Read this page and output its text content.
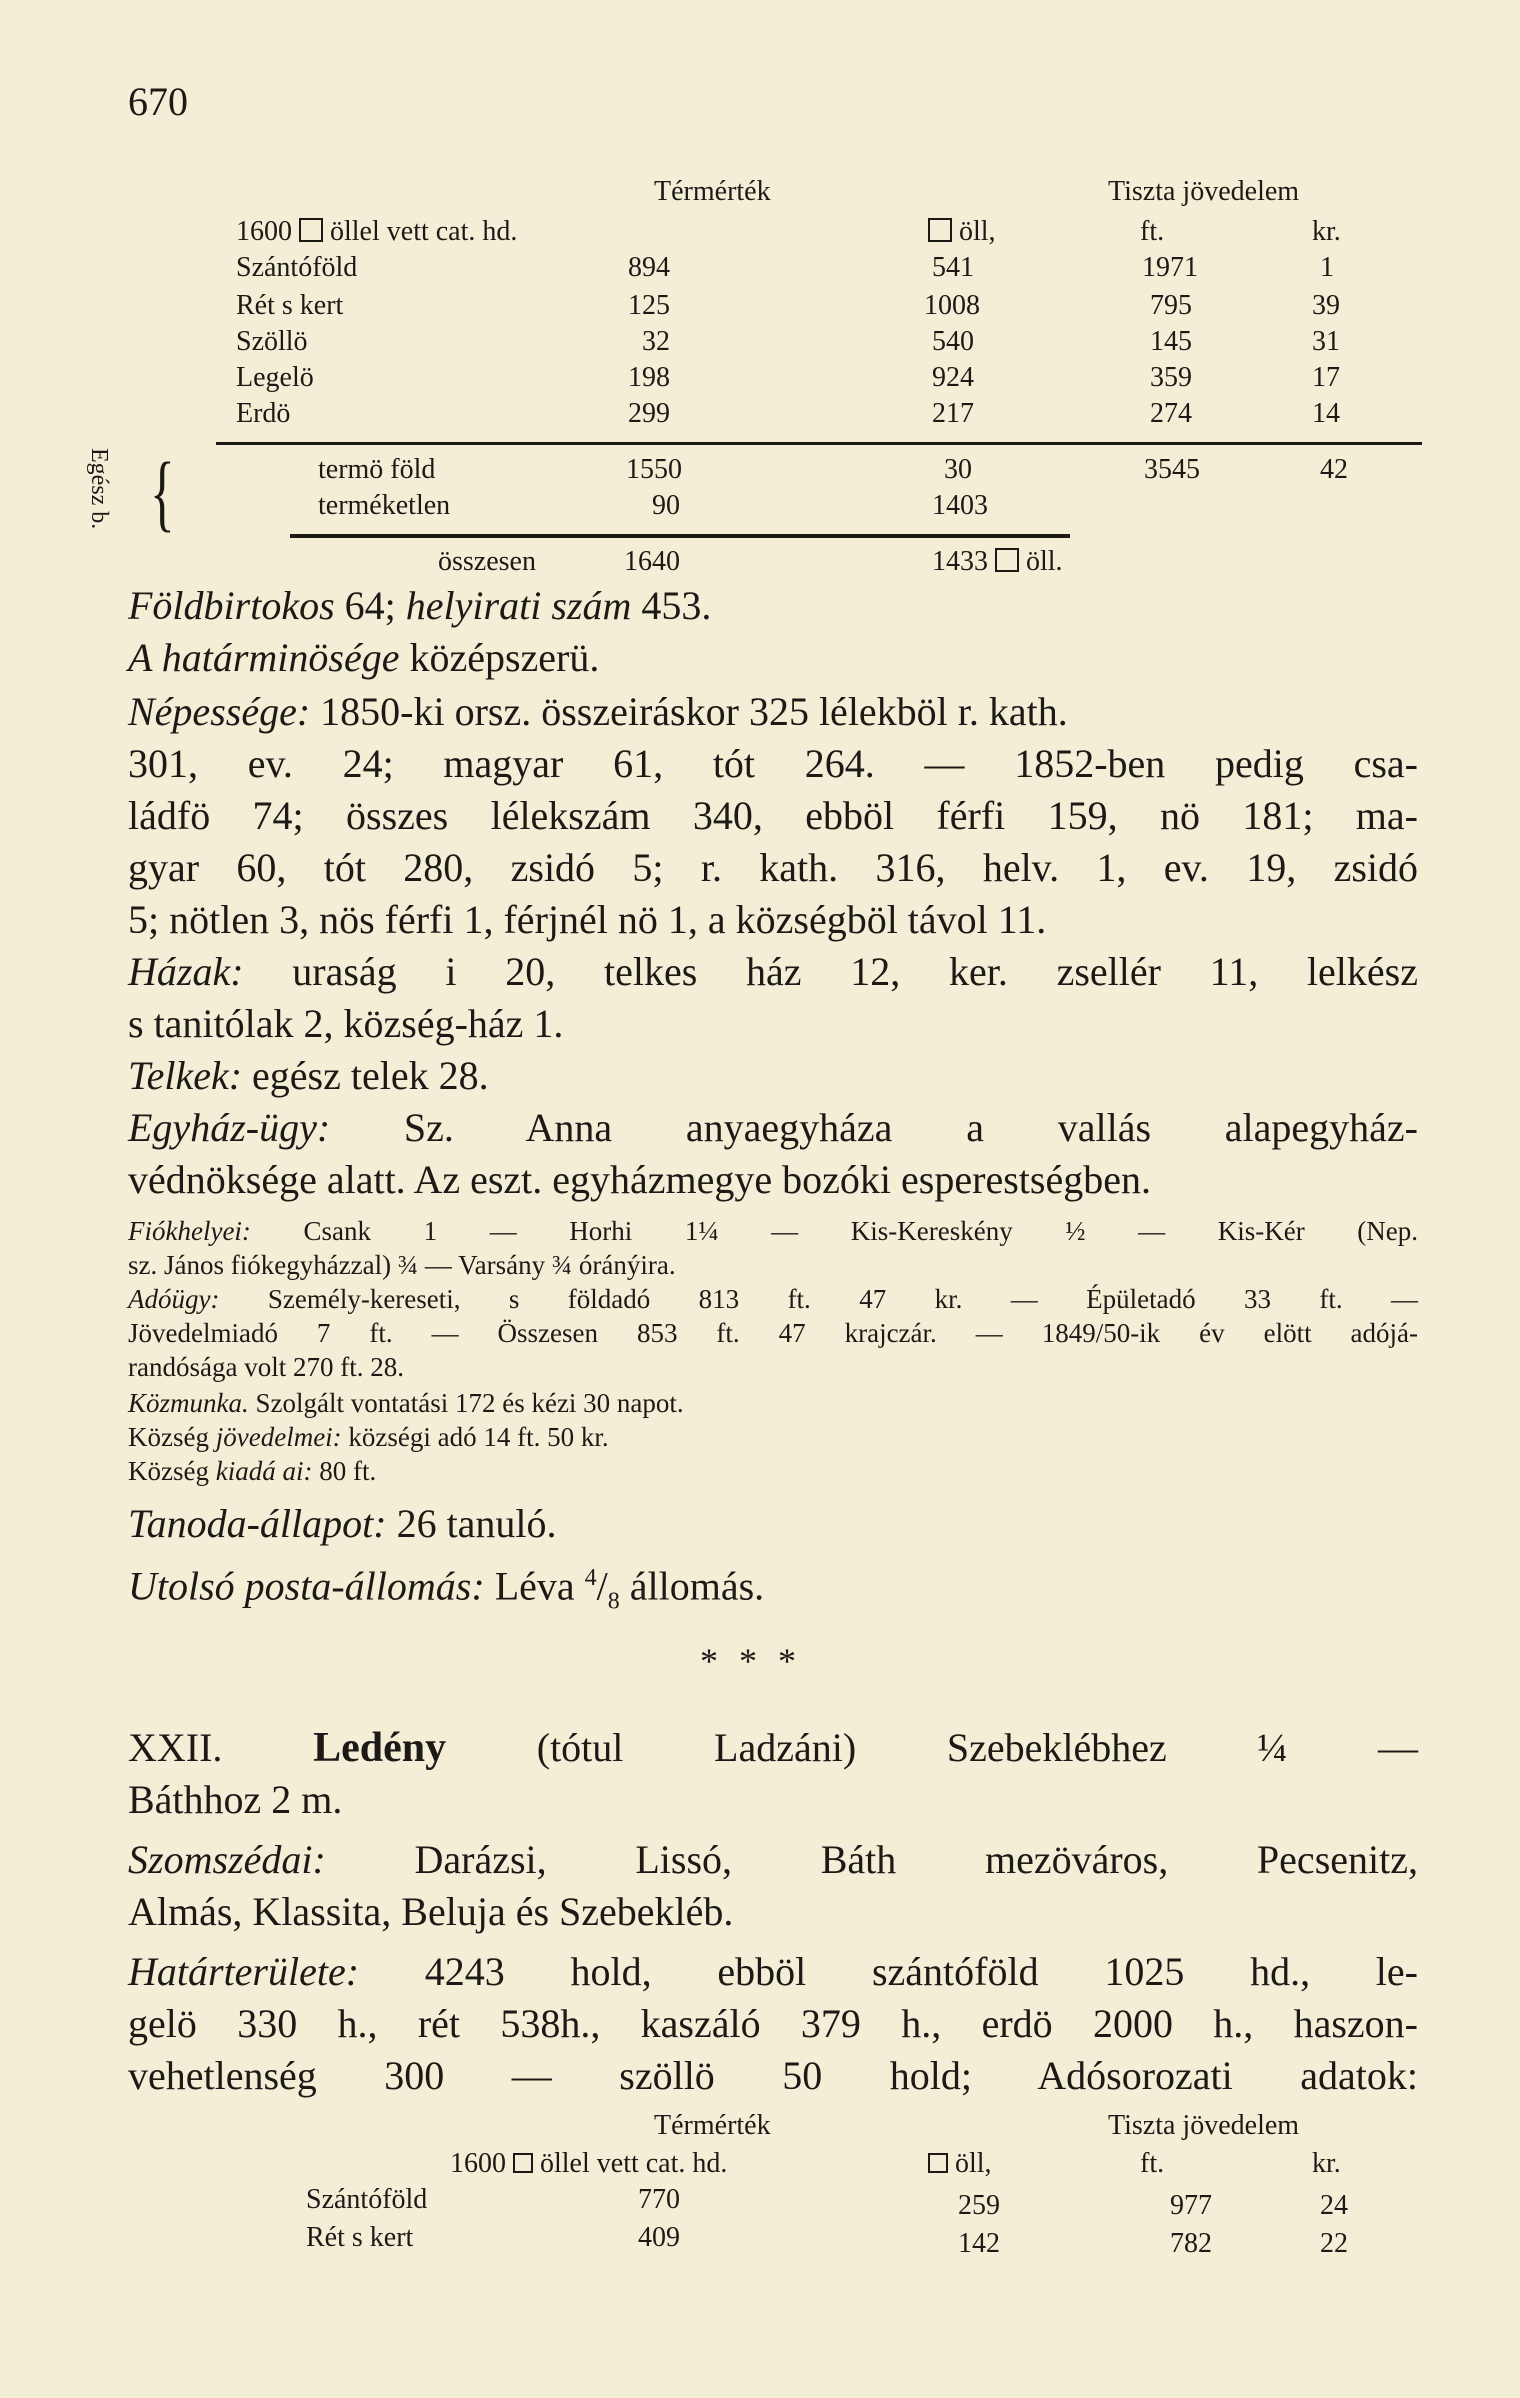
670
Térmérték	Tiszta jövedelem
1600 öllel vett cat. hd.	öll,	ft.	kr.
Szántóföld	894	541	1971	1
Rét s kert	125	1008	795	39
Szöllö	32	540	145	31
Legelö	198	924	359	17
Erdö	299	217	274	14
Egész b. {	termö föld	1550	30	3545	42
terméketlen	90	1403
összesen	1640	1433 öll.
Földbirtokos 64; helyirati szám 453.
A határminösége középszerü.
Népessége: 1850-ki orsz. összeiráskor 325 lélekböl r. kath.
301, ev. 24; magyar 61, tót 264. — 1852-ben pedig csa-
ládfö 74; összes lélekszám 340, ebböl férfi 159, nö 181; ma-
gyar 60, tót 280, zsidó 5; r. kath. 316, helv. 1, ev. 19, zsidó
5; nötlen 3, nös férfi 1, férjnél nö 1, a községböl távol 11.
Házak: uraság i 20, telkes ház 12, ker. zsellér 11, lelkész
s tanitólak 2, község-ház 1.
Telkek: egész telek 28.
Egyház-ügy: Sz. Anna anyaegyháza a vallás alapegyház-
védnöksége alatt. Az eszt. egyházmegye bozóki esperestségben.
Fiókhelyei: Csank 1 — Horhi 1¼ — Kis-Kereskény ½ — Kis-Kér (Nep.
sz. János fiókegyházzal) ¾ — Varsány ¾ óránýira.
Adóügy: Személy-kereseti, s földadó 813 ft. 47 kr. — Épületadó 33 ft. —
Jövedelmiadó 7 ft. — Összesen 853 ft. 47 krajczár. — 1849/50-ik év elött adójá-
randósága volt 270 ft. 28.
Közmunka. Szolgált vontatási 172 és kézi 30 napot.
Község jövedelmei: községi adó 14 ft. 50 kr.
Község kiadá ai: 80 ft.
Tanoda-állapot: 26 tanuló.
Utolsó posta-állomás: Léva $^4/_8$ állomás.
* * *
XXII. Ledény (tótul Ladzáni) Szebeklébhez ¼ —
Báthhoz 2 m.
Szomszédai: Darázsi, Lissó, Báth mezöváros, Pecsenitz,
Almás, Klassita, Beluja és Szebekléb.
Határterülete: 4243 hold, ebböl szántóföld 1025 hd., le-
gelö 330 h., rét 538h., kaszáló 379 h., erdö 2000 h., haszon-
vehetlenség 300 — szöllö 50 hold; Adósorozati adatok:
Térmérték	Tiszta jövedelem
1600 öllel vett cat. hd.	öll,	ft.	kr.
Szántóföld	770	259	977	24
Rét s kert	409	142	782	22
